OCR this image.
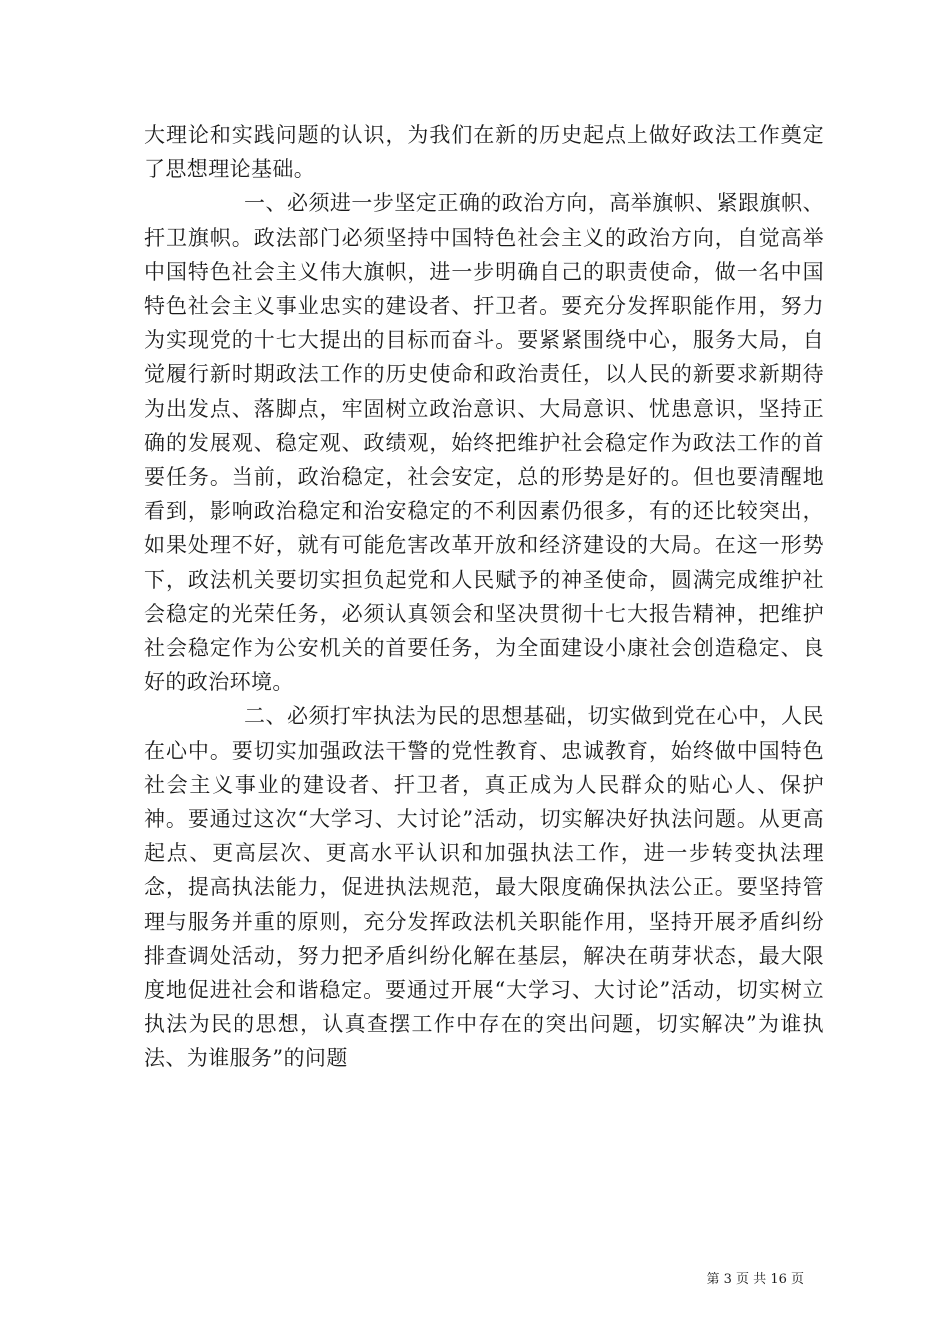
大理论和实践问题的认识，为我们在新的历史起点上做好政法工作奠定了思想理论基础。

一、必须进一步坚定正确的政治方向，高举旗帜、紧跟旗帜、扞卫旗帜。政法部门必须坚持中国特色社会主义的政治方向，自觉高举中国特色社会主义伟大旗帜，进一步明确自己的职责使命，做一名中国特色社会主义事业忠实的建设者、扞卫者。要充分发挥职能作用，努力为实现党的十七大提出的目标而奋斗。要紧紧围绕中心，服务大局，自觉履行新时期政法工作的历史使命和政治责任，以人民的新要求新期待为出发点、落脚点，牢固树立政治意识、大局意识、忧患意识，坚持正确的发展观、稳定观、政绩观，始终把维护社会稳定作为政法工作的首要任务。当前，政治稳定，社会安定，总的形势是好的。但也要清醒地看到，影响政治稳定和治安稳定的不利因素仍很多，有的还比较突出，如果处理不好，就有可能危害改革开放和经济建设的大局。在这一形势下，政法机关要切实担负起党和人民赋予的神圣使命，圆满完成维护社会稳定的光荣任务，必须认真领会和坚决贯彻十七大报告精神，把维护社会稳定作为公安机关的首要任务，为全面建设小康社会创造稳定、良好的政治环境。

二、必须打牢执法为民的思想基础，切实做到党在心中，人民在心中。要切实加强政法干警的党性教育、忠诚教育，始终做中国特色社会主义事业的建设者、扞卫者，真正成为人民群众的贴心人、保护神。要通过这次“大学习、大讨论”活动，切实解决好执法问题。从更高起点、更高层次、更高水平认识和加强执法工作，进一步转变执法理念，提高执法能力，促进执法规范，最大限度确保执法公正。要坚持管理与服务并重的原则，充分发挥政法机关职能作用，坚持开展矛盾纠纷排查调处活动，努力把矛盾纠纷化解在基层，解决在萌芽状态，最大限度地促进社会和谐稳定。要通过开展“大学习、大讨论”活动，切实树立执法为民的思想，认真查摆工作中存在的突出问题，切实解决”为谁执法、为谁服务”的问题

第 3 页 共 16 页
